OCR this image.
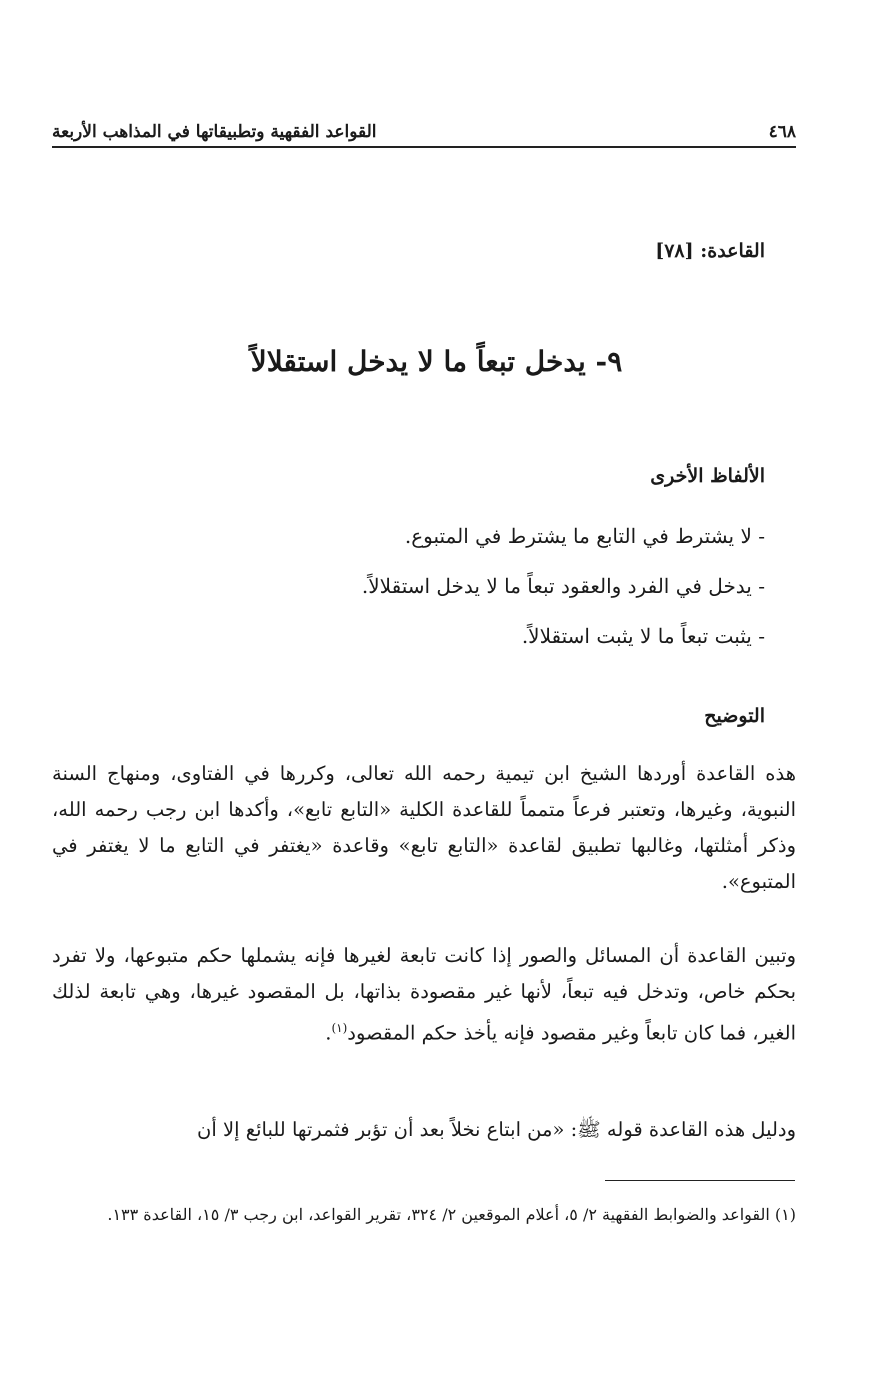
٤٦٨
القواعد الفقهية وتطبيقاتها في المذاهب الأربعة
القاعدة: [٧٨]
٩- يدخل تبعاً ما لا يدخل استقلالاً
الألفاظ الأخرى
- لا يشترط في التابع ما يشترط في المتبوع.
- يدخل في الفرد والعقود تبعاً ما لا يدخل استقلالاً.
- يثبت تبعاً ما لا يثبت استقلالاً.
التوضيح
هذه القاعدة أوردها الشيخ ابن تيمية رحمه الله تعالى، وكررها في الفتاوى، ومنهاج السنة النبوية، وغيرها، وتعتبر فرعاً متمماً للقاعدة الكلية «التابع تابع»، وأكدها ابن رجب رحمه الله، وذكر أمثلتها، وغالبها تطبيق لقاعدة «التابع تابع» وقاعدة «يغتفر في التابع ما لا يغتفر في المتبوع».
وتبين القاعدة أن المسائل والصور إذا كانت تابعة لغيرها فإنه يشملها حكم متبوعها، ولا تفرد بحكم خاص، وتدخل فيه تبعاً، لأنها غير مقصودة بذاتها، بل المقصود غيرها، وهي تابعة لذلك الغير، فما كان تابعاً وغير مقصود فإنه يأخذ حكم المقصود$^{(١)}$.
ودليل هذه القاعدة قوله ﷺ: «من ابتاع نخلاً بعد أن تؤبر فثمرتها للبائع إلا أن
(١) القواعد والضوابط الفقهية ٢/ ٥، أعلام الموقعين ٢/ ٣٢٤، تقرير القواعد، ابن رجب ٣/ ١٥، القاعدة ١٣٣.
